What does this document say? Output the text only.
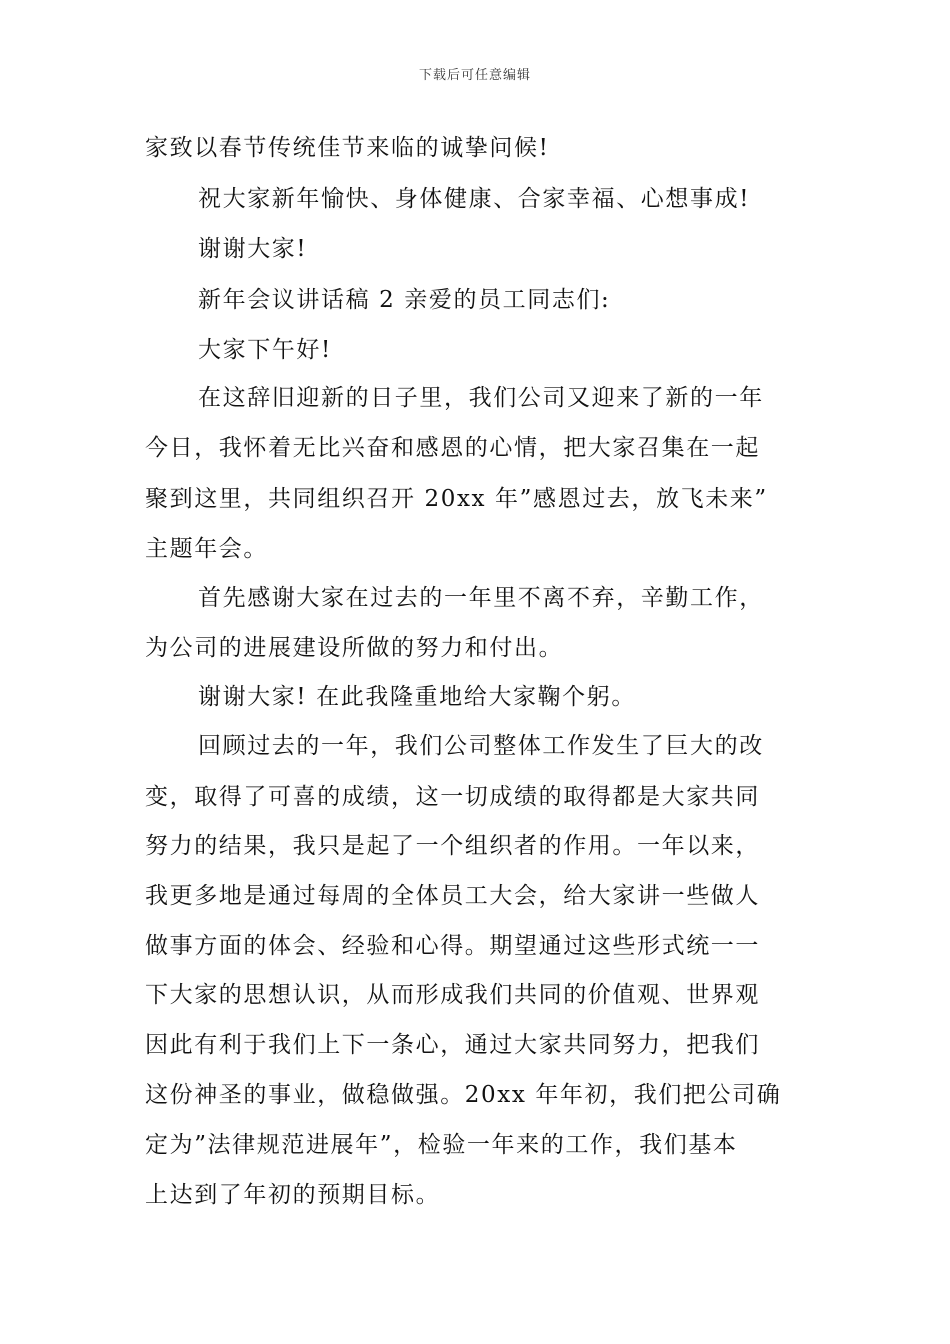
下载后可任意编辑
家致以春节传统佳节来临的诚挚问候!
祝大家新年愉快、身体健康、合家幸福、心想事成!
谢谢大家!
新年会议讲话稿 2 亲爱的员工同志们:
大家下午好!
在这辞旧迎新的日子里，我们公司又迎来了新的一年
今日，我怀着无比兴奋和感恩的心情，把大家召集在一起
聚到这里，共同组织召开 20xx 年”感恩过去，放飞未来”
主题年会。
首先感谢大家在过去的一年里不离不弃，辛勤工作，
为公司的进展建设所做的努力和付出。
谢谢大家! 在此我隆重地给大家鞠个躬。
回顾过去的一年，我们公司整体工作发生了巨大的改
变，取得了可喜的成绩，这一切成绩的取得都是大家共同
努力的结果，我只是起了一个组织者的作用。一年以来，
我更多地是通过每周的全体员工大会，给大家讲一些做人
做事方面的体会、经验和心得。期望通过这些形式统一一
下大家的思想认识，从而形成我们共同的价值观、世界观
因此有利于我们上下一条心，通过大家共同努力，把我们
这份神圣的事业，做稳做强。20xx 年年初，我们把公司确
定为”法律规范进展年”，检验一年来的工作，我们基本
上达到了年初的预期目标。
